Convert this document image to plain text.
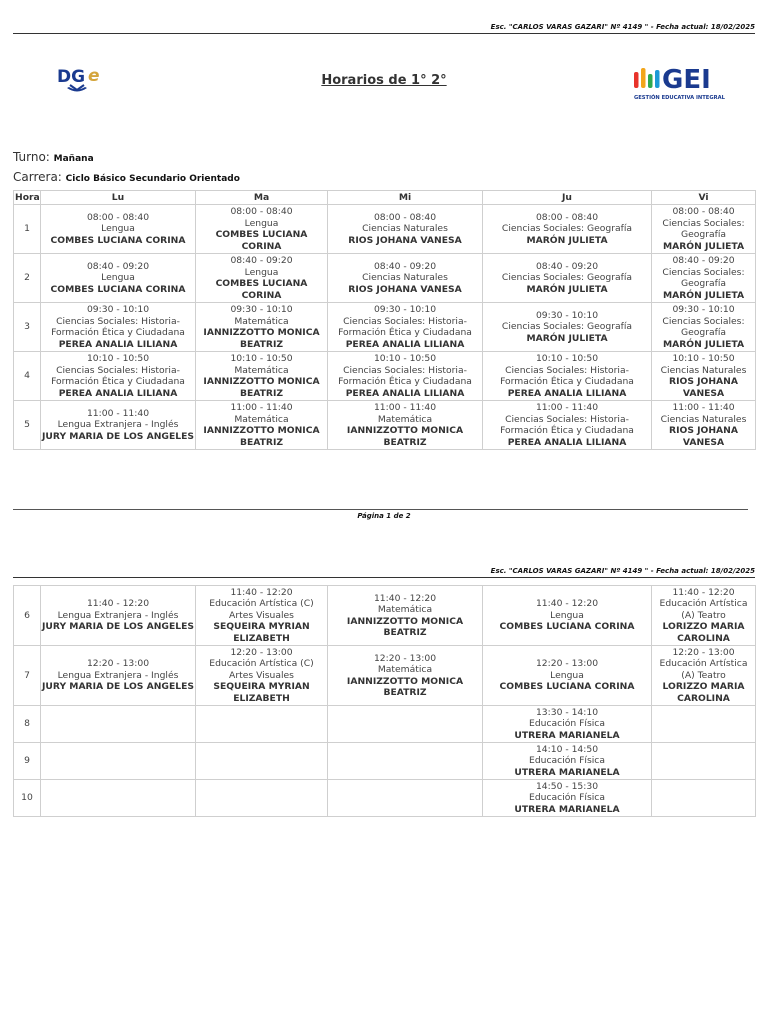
Esc. "CARLOS VARAS GAZARI" Nº 4149 " - Fecha actual: 18/02/2025
DG e	Horarios de 1° 2°	GEI
GESTIÓN EDUCATIVA INTEGRAL
Turno: Mañana
Carrera: Ciclo Básico Secundario Orientado
Hora	Lu	Ma	Mi	Ju	Vi
1	08:00 - 08:40
Lengua
COMBES LUCIANA CORINA	08:00 - 08:40
Lengua
COMBES LUCIANA CORINA	08:00 - 08:40
Ciencias Naturales
RIOS JOHANA VANESA	08:00 - 08:40
Ciencias Sociales: Geografía
MARÓN JULIETA	08:00 - 08:40
Ciencias Sociales: Geografía
MARÓN JULIETA

2	08:40 - 09:20
Lengua
COMBES LUCIANA CORINA	08:40 - 09:20
Lengua
COMBES LUCIANA CORINA	08:40 - 09:20
Ciencias Naturales
RIOS JOHANA VANESA	08:40 - 09:20
Ciencias Sociales: Geografía
MARÓN JULIETA	08:40 - 09:20
Ciencias Sociales: Geografía
MARÓN JULIETA

3	09:30 - 10:10
Ciencias Sociales: Historia-Formación Ética y Ciudadana
PEREA ANALIA LILIANA	09:30 - 10:10
Matemática
IANNIZZOTTO MONICA BEATRIZ	09:30 - 10:10
Ciencias Sociales: Historia-Formación Ética y Ciudadana
PEREA ANALIA LILIANA	09:30 - 10:10
Ciencias Sociales: Geografía
MARÓN JULIETA	09:30 - 10:10
Ciencias Sociales: Geografía
MARÓN JULIETA

4	10:10 - 10:50
Ciencias Sociales: Historia-Formación Ética y Ciudadana
PEREA ANALIA LILIANA	10:10 - 10:50
Matemática
IANNIZZOTTO MONICA BEATRIZ	10:10 - 10:50
Ciencias Sociales: Historia-Formación Ética y Ciudadana
PEREA ANALIA LILIANA	10:10 - 10:50
Ciencias Sociales: Historia-Formación Ética y Ciudadana
PEREA ANALIA LILIANA	10:10 - 10:50
Ciencias Naturales
RIOS JOHANA VANESA

5	11:00 - 11:40
Lengua Extranjera - Inglés
JURY MARIA DE LOS ANGELES	11:00 - 11:40
Matemática
IANNIZZOTTO MONICA BEATRIZ	11:00 - 11:40
Matemática
IANNIZZOTTO MONICA BEATRIZ	11:00 - 11:40
Ciencias Sociales: Historia-Formación Ética y Ciudadana
PEREA ANALIA LILIANA	11:00 - 11:40
Ciencias Naturales
RIOS JOHANA VANESA
Página 1 de 2
Esc. "CARLOS VARAS GAZARI" Nº 4149 " - Fecha actual: 18/02/2025
6	11:40 - 12:20
Lengua Extranjera - Inglés
JURY MARIA DE LOS ANGELES	11:40 - 12:20
Educación Artística (C) Artes Visuales
SEQUEIRA MYRIAN ELIZABETH	11:40 - 12:20
Matemática
IANNIZZOTTO MONICA BEATRIZ	11:40 - 12:20
Lengua
COMBES LUCIANA CORINA	11:40 - 12:20
Educación Artística (A) Teatro
LORIZZO MARIA CAROLINA

7	12:20 - 13:00
Lengua Extranjera - Inglés
JURY MARIA DE LOS ANGELES	12:20 - 13:00
Educación Artística (C) Artes Visuales
SEQUEIRA MYRIAN ELIZABETH	12:20 - 13:00
Matemática
IANNIZZOTTO MONICA BEATRIZ	12:20 - 13:00
Lengua
COMBES LUCIANA CORINA	12:20 - 13:00
Educación Artística (A) Teatro
LORIZZO MARIA CAROLINA

8				13:30 - 14:10
Educación Física
UTRERA MARIANELA	

9				14:10 - 14:50
Educación Física
UTRERA MARIANELA	

10				14:50 - 15:30
Educación Física
UTRERA MARIANELA	
